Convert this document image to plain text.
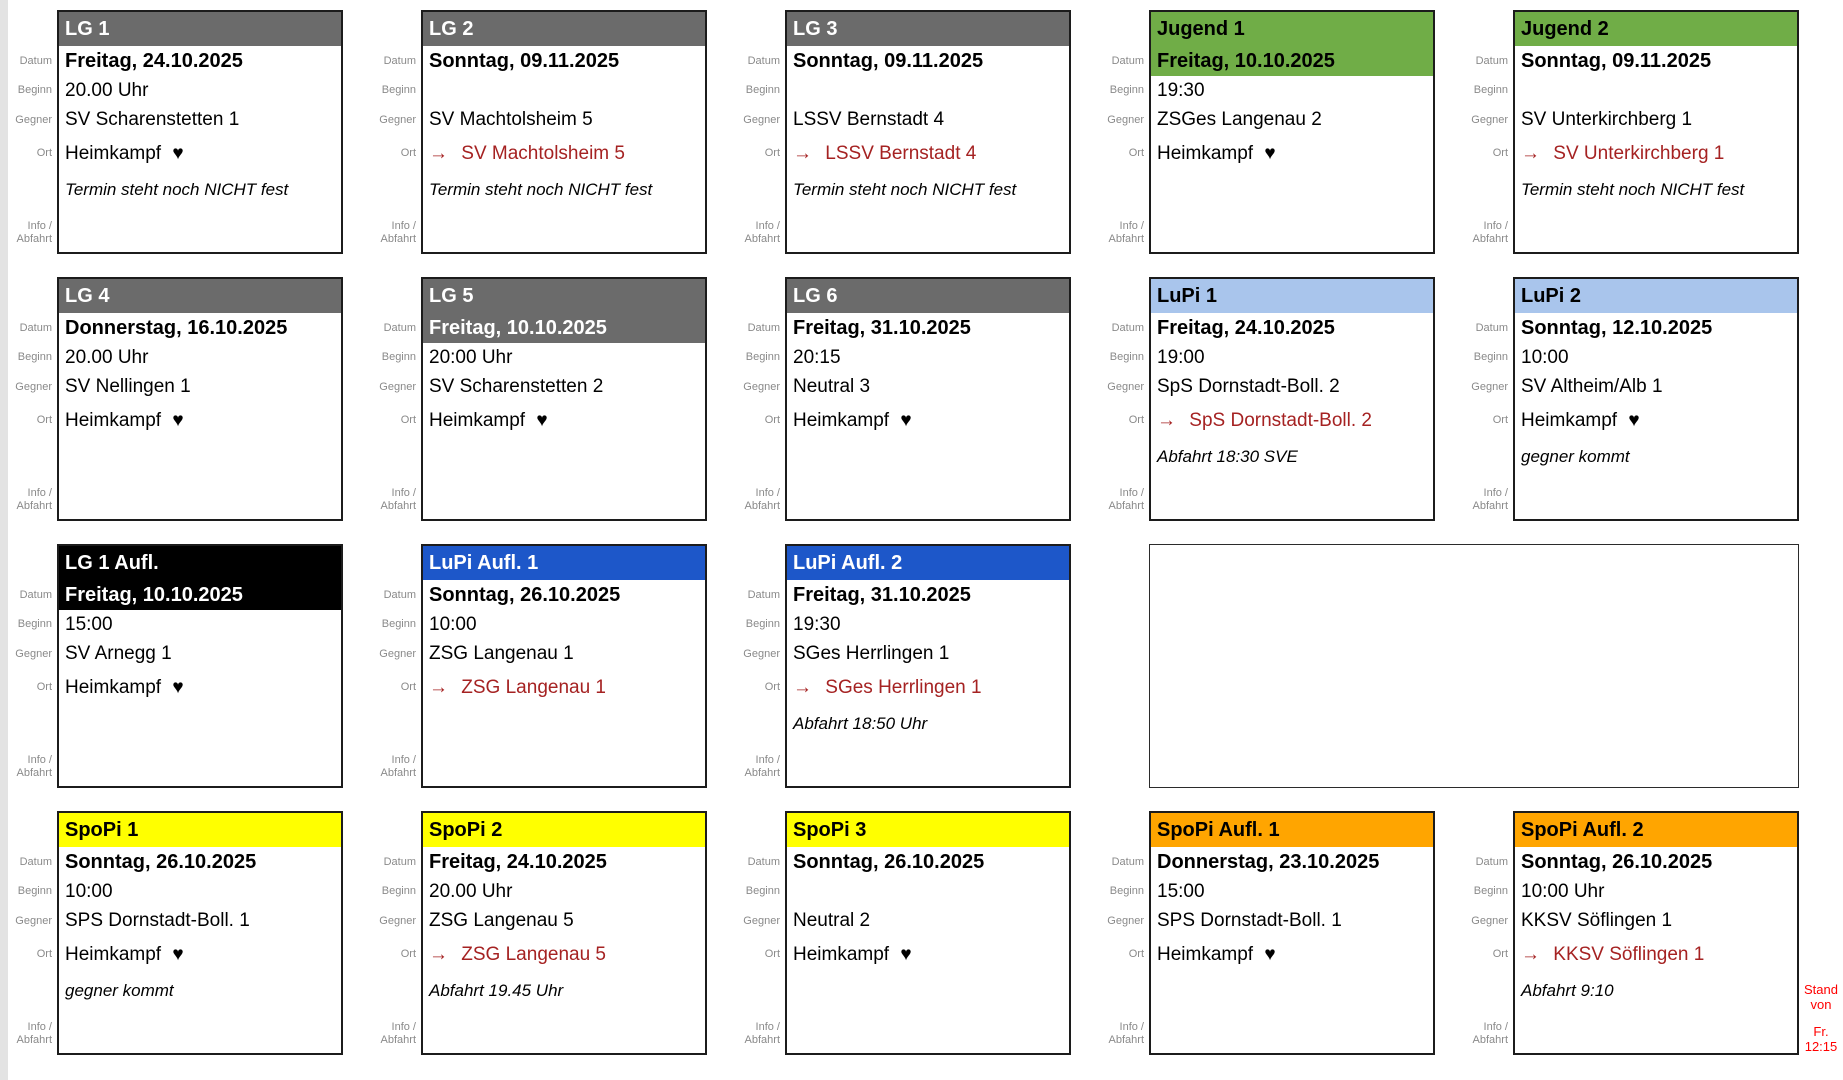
Datum
Beginn
Gegner
Ort
Info /
Abfahrt
LG 1
Freitag, 24.10.2025
20.00 Uhr
SV Scharenstetten 1
Heimkampf ♥
Termin steht noch NICHT fest
Datum
Beginn
Gegner
Ort
Info /
Abfahrt
LG 2
Sonntag, 09.11.2025
SV Machtolsheim 5
→ SV Machtolsheim 5
Termin steht noch NICHT fest
Datum
Beginn
Gegner
Ort
Info /
Abfahrt
LG 3
Sonntag, 09.11.2025
LSSV Bernstadt 4
→ LSSV Bernstadt 4
Termin steht noch NICHT fest
Datum
Beginn
Gegner
Ort
Info /
Abfahrt
Jugend 1
Freitag, 10.10.2025
19:30
ZSGes Langenau 2
Heimkampf ♥
Datum
Beginn
Gegner
Ort
Info /
Abfahrt
Jugend 2
Sonntag, 09.11.2025
SV Unterkirchberg 1
→ SV Unterkirchberg 1
Termin steht noch NICHT fest
Datum
Beginn
Gegner
Ort
Info /
Abfahrt
LG 4
Donnerstag, 16.10.2025
20.00 Uhr
SV Nellingen 1
Heimkampf ♥
Datum
Beginn
Gegner
Ort
Info /
Abfahrt
LG 5
Freitag, 10.10.2025
20:00 Uhr
SV Scharenstetten 2
Heimkampf ♥
Datum
Beginn
Gegner
Ort
Info /
Abfahrt
LG 6
Freitag, 31.10.2025
20:15
Neutral 3
Heimkampf ♥
Datum
Beginn
Gegner
Ort
Info /
Abfahrt
LuPi 1
Freitag, 24.10.2025
19:00
SpS Dornstadt-Boll. 2
→ SpS Dornstadt-Boll. 2
Abfahrt 18:30 SVE
Datum
Beginn
Gegner
Ort
Info /
Abfahrt
LuPi 2
Sonntag, 12.10.2025
10:00
SV Altheim/Alb 1
Heimkampf ♥
gegner kommt
Datum
Beginn
Gegner
Ort
Info /
Abfahrt
LG 1 Aufl.
Freitag, 10.10.2025
15:00
SV Arnegg 1
Heimkampf ♥
Datum
Beginn
Gegner
Ort
Info /
Abfahrt
LuPi Aufl. 1
Sonntag, 26.10.2025
10:00
ZSG Langenau 1
→ ZSG Langenau 1
Datum
Beginn
Gegner
Ort
Info /
Abfahrt
LuPi Aufl. 2
Freitag, 31.10.2025
19:30
SGes Herrlingen 1
→ SGes Herrlingen 1
Abfahrt 18:50 Uhr
Datum
Beginn
Gegner
Ort
Info /
Abfahrt
SpoPi 1
Sonntag, 26.10.2025
10:00
SPS Dornstadt-Boll. 1
Heimkampf ♥
gegner kommt
Datum
Beginn
Gegner
Ort
Info /
Abfahrt
SpoPi 2
Freitag, 24.10.2025
20.00 Uhr
ZSG Langenau 5
→ ZSG Langenau 5
Abfahrt 19.45 Uhr
Datum
Beginn
Gegner
Ort
Info /
Abfahrt
SpoPi 3
Sonntag, 26.10.2025
Neutral 2
Heimkampf ♥
Datum
Beginn
Gegner
Ort
Info /
Abfahrt
SpoPi Aufl. 1
Donnerstag, 23.10.2025
15:00
SPS Dornstadt-Boll. 1
Heimkampf ♥
Datum
Beginn
Gegner
Ort
Info /
Abfahrt
SpoPi Aufl. 2
Sonntag, 26.10.2025
10:00 Uhr
KKSV Söflingen 1
→ KKSV Söflingen 1
Abfahrt 9:10	Stand von
Fr. 12:15
